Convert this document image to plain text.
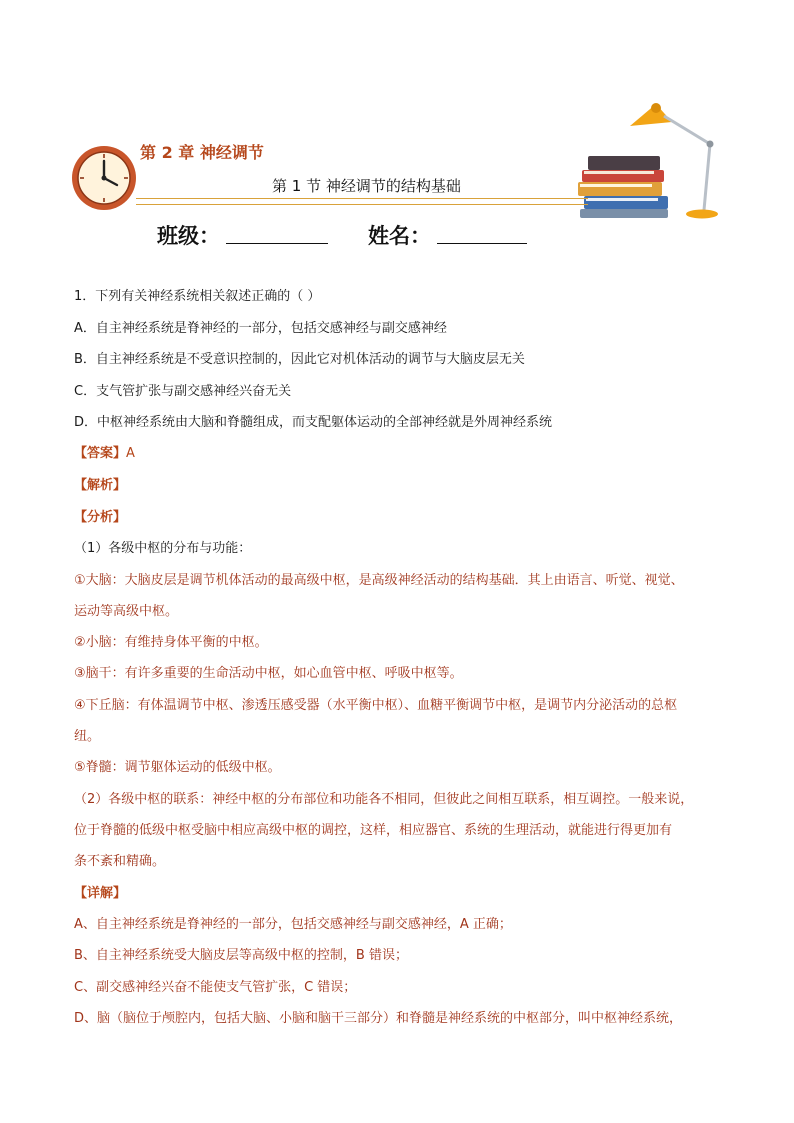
第 2 章 神经调节
第 1 节 神经调节的结构基础
班级：	姓名：
1．下列有关神经系统相关叙述正确的（ ）
A．自主神经系统是脊神经的一部分，包括交感神经与副交感神经
B．自主神经系统是不受意识控制的，因此它对机体活动的调节与大脑皮层无关
C．支气管扩张与副交感神经兴奋无关
D．中枢神经系统由大脑和脊髓组成，而支配躯体运动的全部神经就是外周神经系统
【答案】A
【解析】
【分析】
（1）各级中枢的分布与功能：
①大脑：大脑皮层是调节机体活动的最高级中枢，是高级神经活动的结构基础．其上由语言、听觉、视觉、
运动等高级中枢。
②小脑：有维持身体平衡的中枢。
③脑干：有许多重要的生命活动中枢，如心血管中枢、呼吸中枢等。
④下丘脑：有体温调节中枢、渗透压感受器（水平衡中枢）、血糖平衡调节中枢，是调节内分泌活动的总枢
纽。
⑤脊髓：调节躯体运动的低级中枢。
（2）各级中枢的联系：神经中枢的分布部位和功能各不相同，但彼此之间相互联系，相互调控。一般来说，
位于脊髓的低级中枢受脑中相应高级中枢的调控，这样，相应器官、系统的生理活动，就能进行得更加有
条不紊和精确。
【详解】
A、自主神经系统是脊神经的一部分，包括交感神经与副交感神经，A 正确；
B、自主神经系统受大脑皮层等高级中枢的控制，B 错误；
C、副交感神经兴奋不能使支气管扩张，C 错误；
D、脑（脑位于颅腔内，包括大脑、小脑和脑干三部分）和脊髓是神经系统的中枢部分，叫中枢神经系统，
